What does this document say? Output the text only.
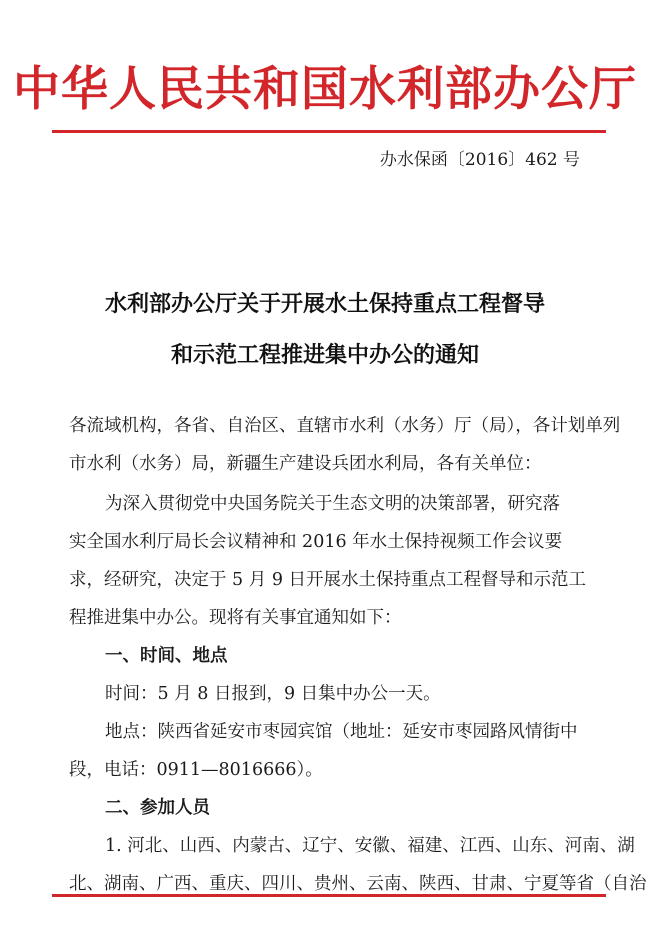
中华人民共和国水利部办公厅
办水保函〔2016〕462 号
水利部办公厅关于开展水土保持重点工程督导
和示范工程推进集中办公的通知
各流域机构，各省、自治区、直辖市水利（水务）厅（局），各计划单列
市水利（水务）局，新疆生产建设兵团水利局，各有关单位：
为深入贯彻党中央国务院关于生态文明的决策部署，研究落
实全国水利厅局长会议精神和 2016 年水土保持视频工作会议要
求，经研究，决定于 5 月 9 日开展水土保持重点工程督导和示范工
程推进集中办公。现将有关事宜通知如下：
一、时间、地点
时间：5 月 8 日报到，9 日集中办公一天。
地点：陕西省延安市枣园宾馆（地址：延安市枣园路风情街中
段，电话：0911—8016666）。
二、参加人员
1. 河北、山西、内蒙古、辽宁、安徽、福建、江西、山东、河南、湖
北、湖南、广西、重庆、四川、贵州、云南、陕西、甘肃、宁夏等省（自治
